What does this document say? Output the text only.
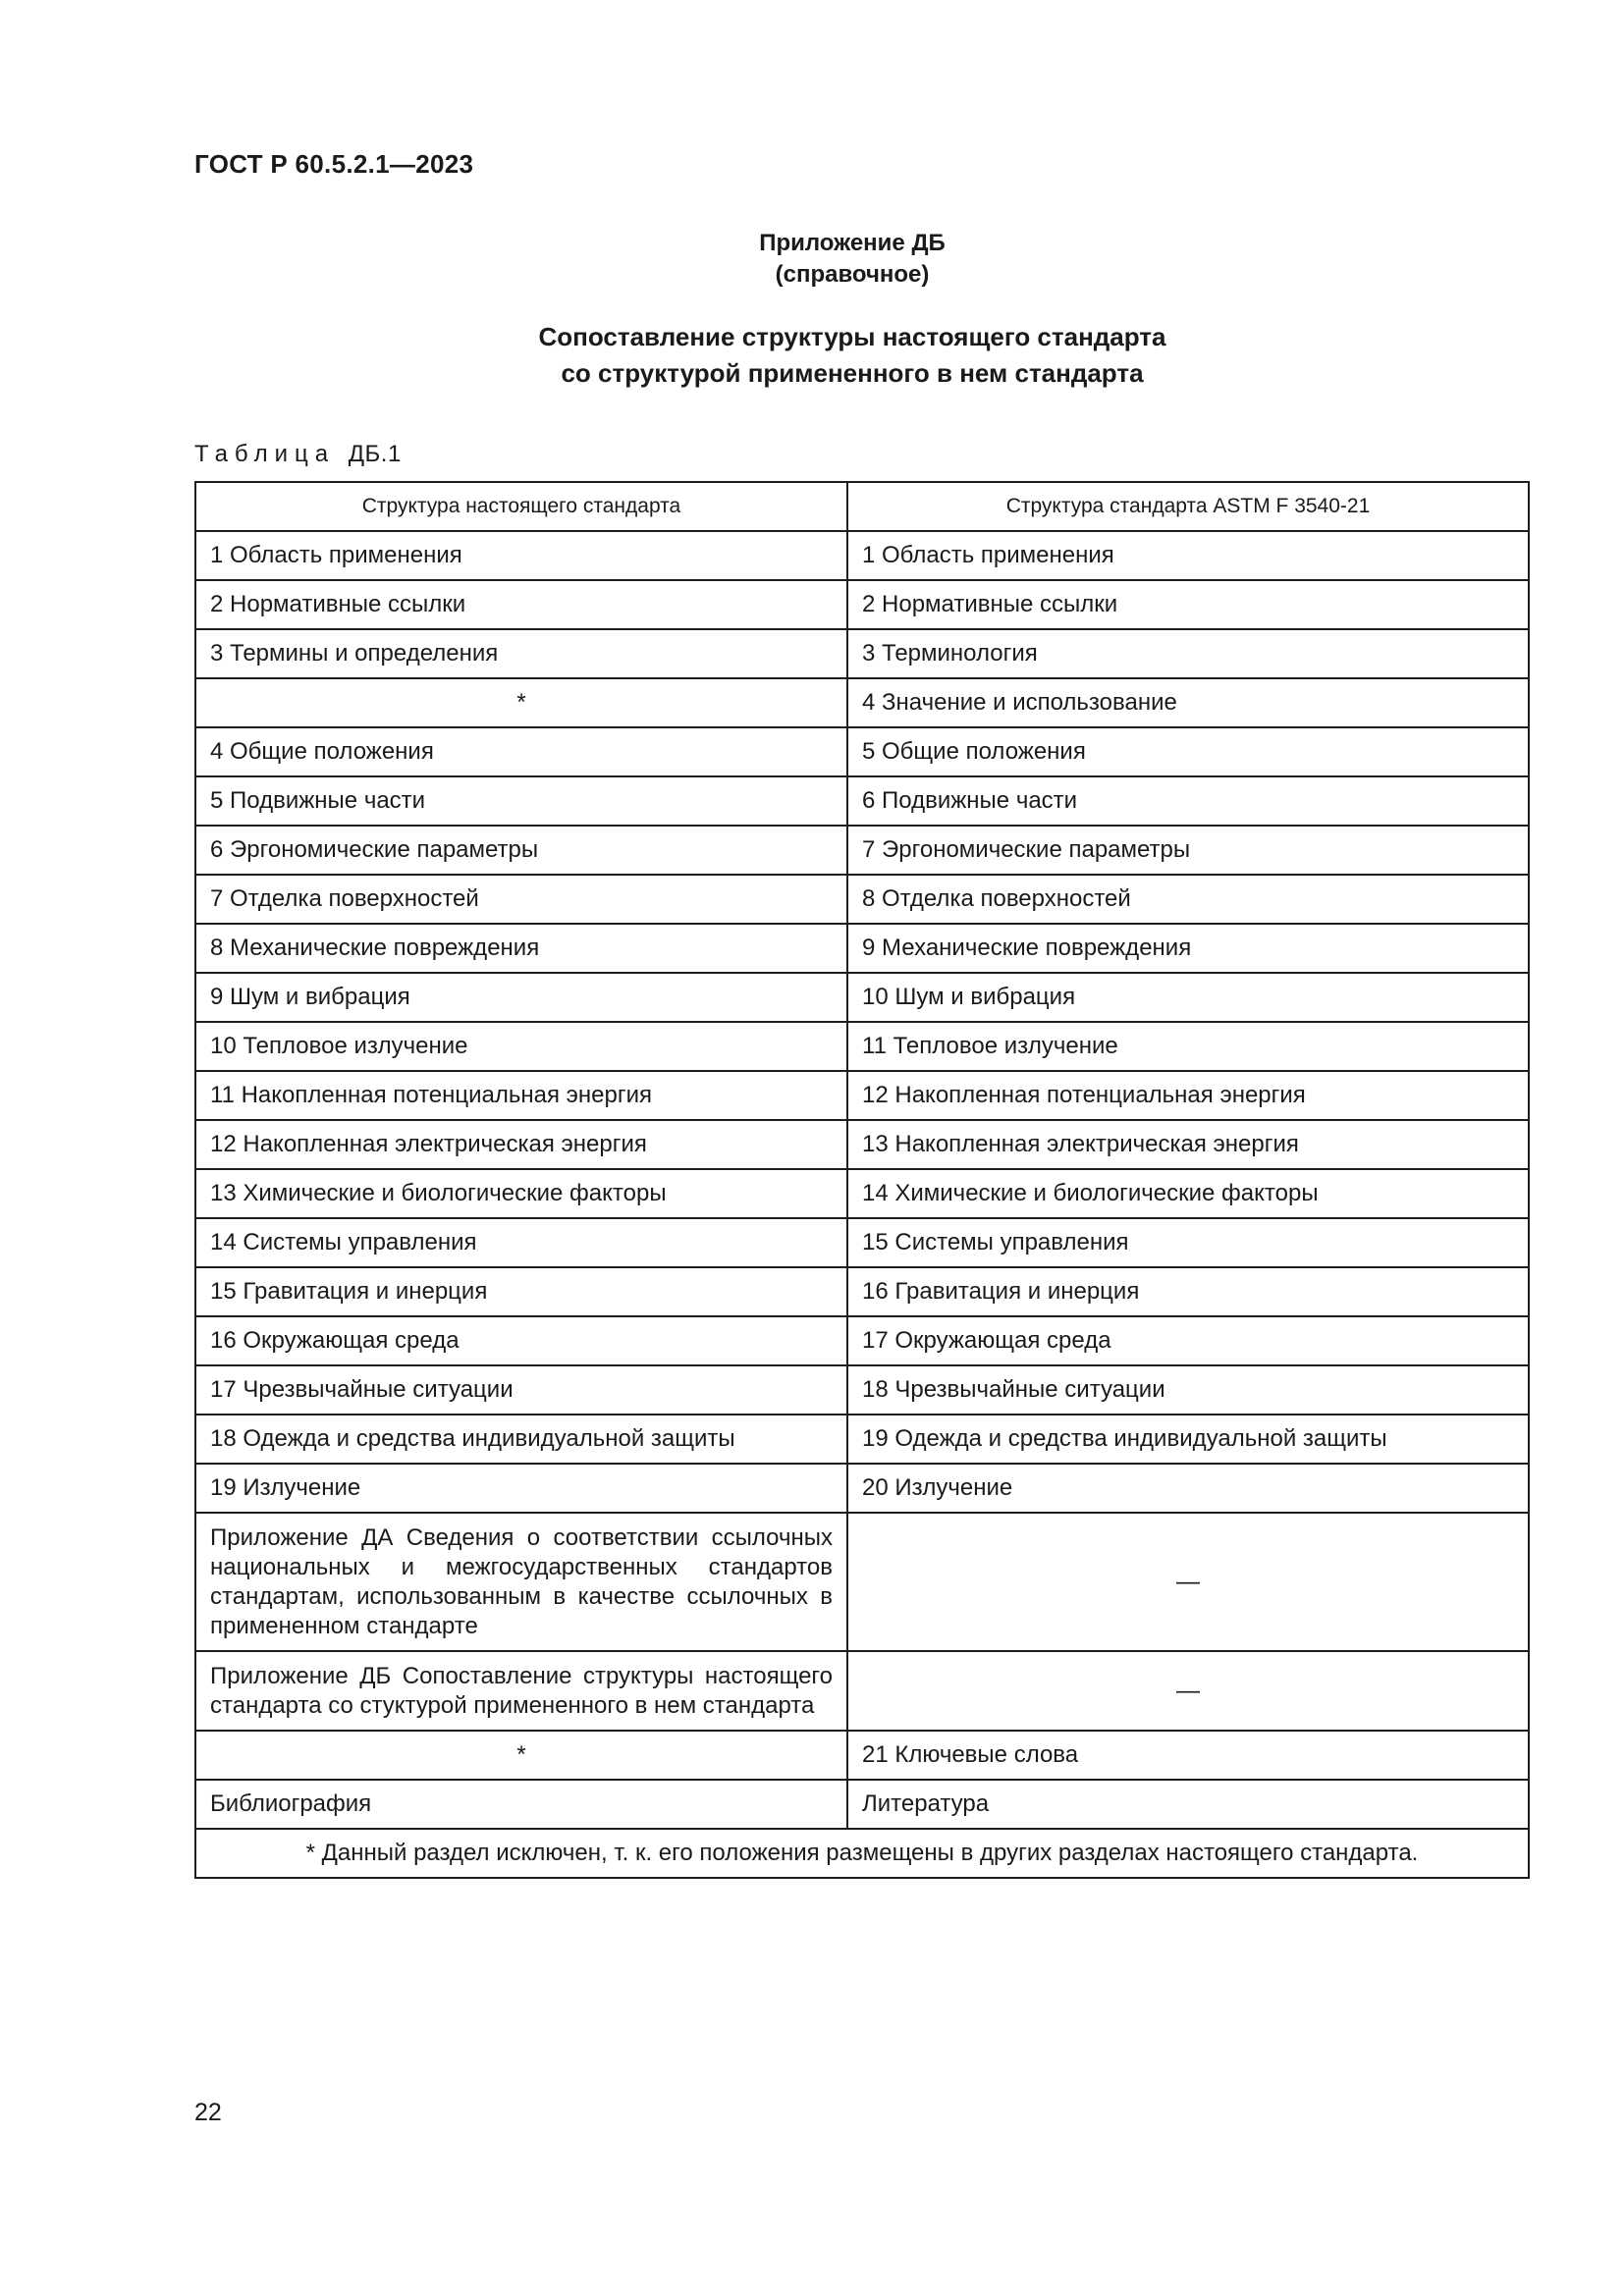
ГОСТ Р 60.5.2.1—2023
Приложение ДБ
(справочное)
Сопоставление структуры настоящего стандарта
со структурой примененного в нем стандарта
Таблица ДБ.1
Структура настоящего стандарта	Структура стандарта ASTM F 3540-21
1 Область применения	1 Область применения
2 Нормативные ссылки	2 Нормативные ссылки
3 Термины и определения	3 Терминология
*	4 Значение и использование
4 Общие положения	5 Общие положения
5 Подвижные части	6 Подвижные части
6 Эргономические параметры	7 Эргономические параметры
7 Отделка поверхностей	8 Отделка поверхностей
8 Механические повреждения	9 Механические повреждения
9 Шум и вибрация	10 Шум и вибрация
10 Тепловое излучение	11 Тепловое излучение
11 Накопленная потенциальная энергия	12 Накопленная потенциальная энергия
12 Накопленная электрическая энергия	13 Накопленная электрическая энергия
13 Химические и биологические факторы	14 Химические и биологические факторы
14 Системы управления	15 Системы управления
15 Гравитация и инерция	16 Гравитация и инерция
16 Окружающая среда	17 Окружающая среда
17 Чрезвычайные ситуации	18 Чрезвычайные ситуации
18 Одежда и средства индивидуальной защиты	19 Одежда и средства индивидуальной защиты
19 Излучение	20 Излучение
Приложение ДА Сведения о соответствии ссылочных национальных и межгосударственных стандартов стандартам, использованным в качестве ссылочных в примененном стандарте	—
Приложение ДБ Сопоставление структуры настоящего стандарта со стуктурой примененного в нем стандарта	—
*	21 Ключевые слова
Библиография	Литература
* Данный раздел исключен, т. к. его положения размещены в других разделах настоящего стандарта.	
22
